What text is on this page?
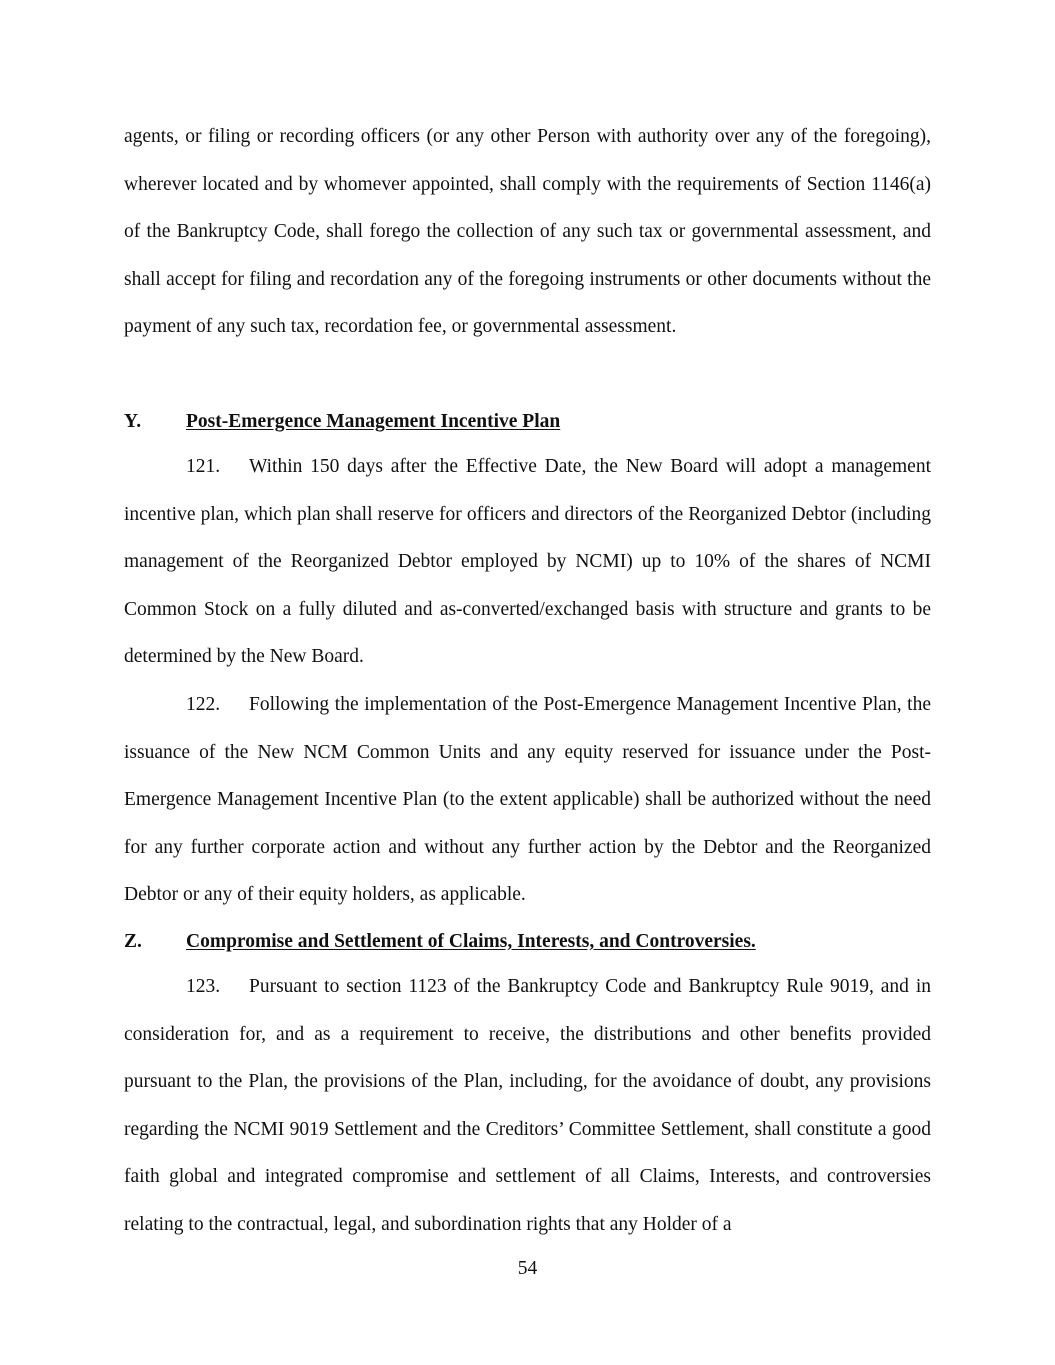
agents, or filing or recording officers (or any other Person with authority over any of the foregoing), wherever located and by whomever appointed, shall comply with the requirements of Section 1146(a) of the Bankruptcy Code, shall forego the collection of any such tax or governmental assessment, and shall accept for filing and recordation any of the foregoing instruments or other documents without the payment of any such tax, recordation fee, or governmental assessment.

Y. Post-Emergence Management Incentive Plan

121. Within 150 days after the Effective Date, the New Board will adopt a management incentive plan, which plan shall reserve for officers and directors of the Reorganized Debtor (including management of the Reorganized Debtor employed by NCMI) up to 10% of the shares of NCMI Common Stock on a fully diluted and as-converted/exchanged basis with structure and grants to be determined by the New Board.

122. Following the implementation of the Post-Emergence Management Incentive Plan, the issuance of the New NCM Common Units and any equity reserved for issuance under the Post-Emergence Management Incentive Plan (to the extent applicable) shall be authorized without the need for any further corporate action and without any further action by the Debtor and the Reorganized Debtor or any of their equity holders, as applicable.

Z. Compromise and Settlement of Claims, Interests, and Controversies.

123. Pursuant to section 1123 of the Bankruptcy Code and Bankruptcy Rule 9019, and in consideration for, and as a requirement to receive, the distributions and other benefits provided pursuant to the Plan, the provisions of the Plan, including, for the avoidance of doubt, any provisions regarding the NCMI 9019 Settlement and the Creditors’ Committee Settlement, shall constitute a good faith global and integrated compromise and settlement of all Claims, Interests, and controversies relating to the contractual, legal, and subordination rights that any Holder of a

54
